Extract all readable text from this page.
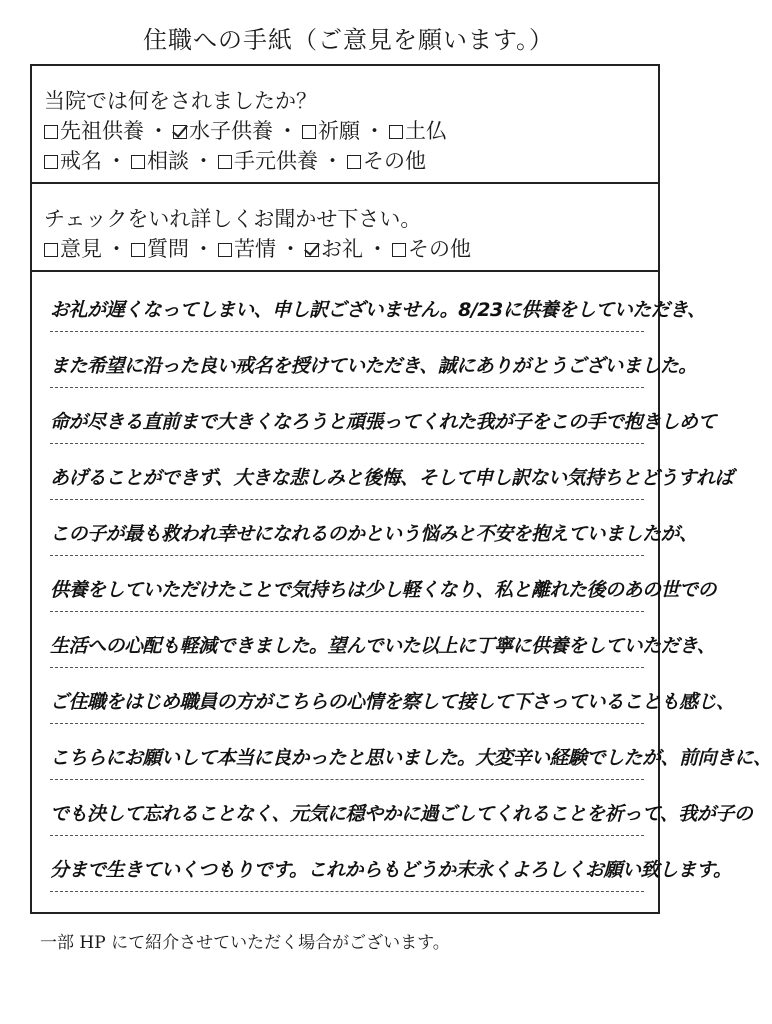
住職への手紙（ご意見を願います。）
当院では何をされましたか？
先祖供養 ・ 水子供養 ・ 祈願 ・ 土仏
戒名 ・ 相談 ・ 手元供養 ・ その他
チェックをいれ詳しくお聞かせ下さい。
意見 ・ 質問 ・ 苦情 ・ お礼 ・ その他
お礼が遅くなってしまい、申し訳ございません。8/23に供養をしていただき、
また希望に沿った良い戒名を授けていただき、誠にありがとうございました。
命が尽きる直前まで大きくなろうと頑張ってくれた我が子をこの手で抱きしめて
あげることができず、大きな悲しみと後悔、そして申し訳ない気持ちとどうすれば
この子が最も救われ幸せになれるのかという悩みと不安を抱えていましたが、
供養をしていただけたことで気持ちは少し軽くなり、私と離れた後のあの世での
生活への心配も軽減できました。望んでいた以上に丁寧に供養をしていただき、
ご住職をはじめ職員の方がこちらの心情を察して接して下さっていることも感じ、
こちらにお願いして本当に良かったと思いました。大変辛い経験でしたが、前向きに、
でも決して忘れることなく、元気に穏やかに過ごしてくれることを祈って、我が子の
分まで生きていくつもりです。これからもどうか末永くよろしくお願い致します。
一部 HP にて紹介させていただく場合がございます。
